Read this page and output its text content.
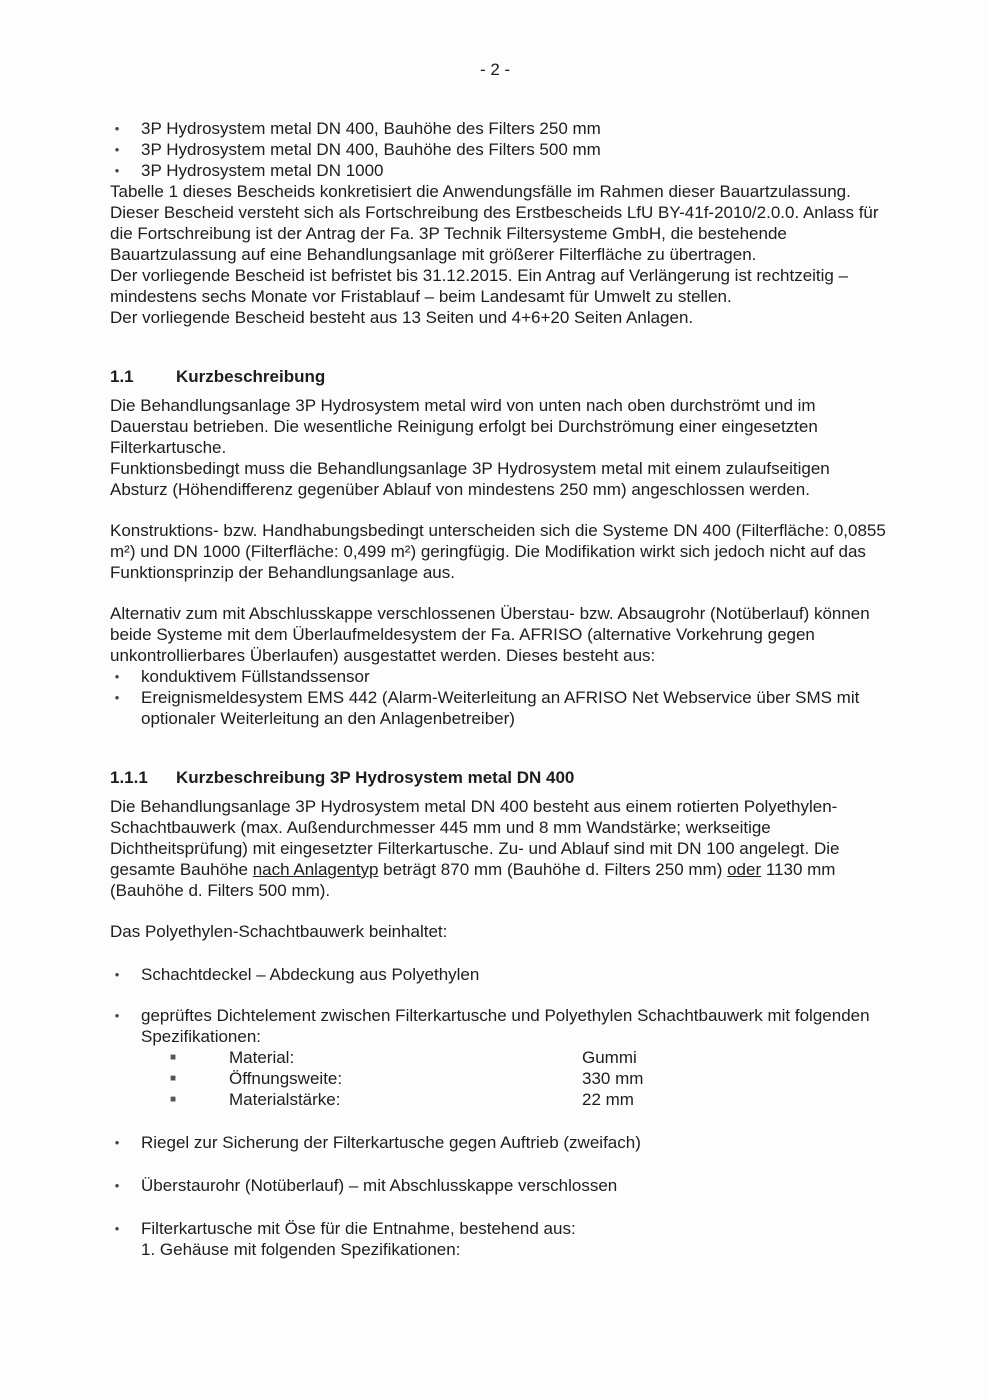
- 2 -
• 3P Hydrosystem metal DN 400, Bauhöhe des Filters 250 mm
• 3P Hydrosystem metal DN 400, Bauhöhe des Filters 500 mm
• 3P Hydrosystem metal DN 1000

Tabelle 1 dieses Bescheids konkretisiert die Anwendungsfälle im Rahmen dieser Bauartzulassung.

Dieser Bescheid versteht sich als Fortschreibung des Erstbescheids LfU BY-41f-2010/2.0.0. Anlass für die Fortschreibung ist der Antrag der Fa. 3P Technik Filtersysteme GmbH, die bestehende Bauartzulassung auf eine Behandlungsanlage mit größerer Filterfläche zu übertragen.

Der vorliegende Bescheid ist befristet bis 31.12.2015. Ein Antrag auf Verlängerung ist rechtzeitig – mindestens sechs Monate vor Fristablauf – beim Landesamt für Umwelt zu stellen.

Der vorliegende Bescheid besteht aus 13 Seiten und 4+6+20 Seiten Anlagen.

1.1	Kurzbeschreibung

Die Behandlungsanlage 3P Hydrosystem metal wird von unten nach oben durchströmt und im Dauerstau betrieben. Die wesentliche Reinigung erfolgt bei Durchströmung einer eingesetzten Filterkartusche.

Funktionsbedingt muss die Behandlungsanlage 3P Hydrosystem metal mit einem zulaufseitigen Absturz (Höhendifferenz gegenüber Ablauf von mindestens 250 mm) angeschlossen werden.

Konstruktions- bzw. Handhabungsbedingt unterscheiden sich die Systeme DN 400 (Filterfläche: 0,0855 m²) und DN 1000 (Filterfläche: 0,499 m²) geringfügig. Die Modifikation wirkt sich jedoch nicht auf das Funktionsprinzip der Behandlungsanlage aus.

Alternativ zum mit Abschlusskappe verschlossenen Überstau- bzw. Absaugrohr (Notüberlauf) können beide Systeme mit dem Überlaufmeldesystem der Fa. AFRISO (alternative Vorkehrung gegen unkontrollierbares Überlaufen) ausgestattet werden. Dieses besteht aus:

• konduktivem Füllstandssensor
• Ereignismeldesystem EMS 442 (Alarm-Weiterleitung an AFRISO Net Webservice über SMS mit optionaler Weiterleitung an den Anlagenbetreiber)
1.1.1	Kurzbeschreibung 3P Hydrosystem metal DN 400

Die Behandlungsanlage 3P Hydrosystem metal DN 400 besteht aus einem rotierten Polyethylen-Schachtbauwerk (max. Außendurchmesser 445 mm und 8 mm Wandstärke; werkseitige Dichtheitsprüfung) mit eingesetzter Filterkartusche. Zu- und Ablauf sind mit DN 100 angelegt. Die gesamte Bauhöhe nach Anlagentyp beträgt 870 mm (Bauhöhe d. Filters 250 mm) oder 1130 mm (Bauhöhe d. Filters 500 mm).

Das Polyethylen-Schachtbauwerk beinhaltet:

• Schachtdeckel – Abdeckung aus Polyethylen
• geprüftes Dichtelement zwischen Filterkartusche und Polyethylen Schachtbauwerk mit folgenden Spezifikationen:
■	Material:	Gummi
■	Öffnungsweite:	330 mm
■	Materialstärke:	22 mm
• Riegel zur Sicherung der Filterkartusche gegen Auftrieb (zweifach)
• Überstaurohr (Notüberlauf) – mit Abschlusskappe verschlossen
• Filterkartusche mit Öse für die Entnahme, bestehend aus:
1. Gehäuse mit folgenden Spezifikationen:
